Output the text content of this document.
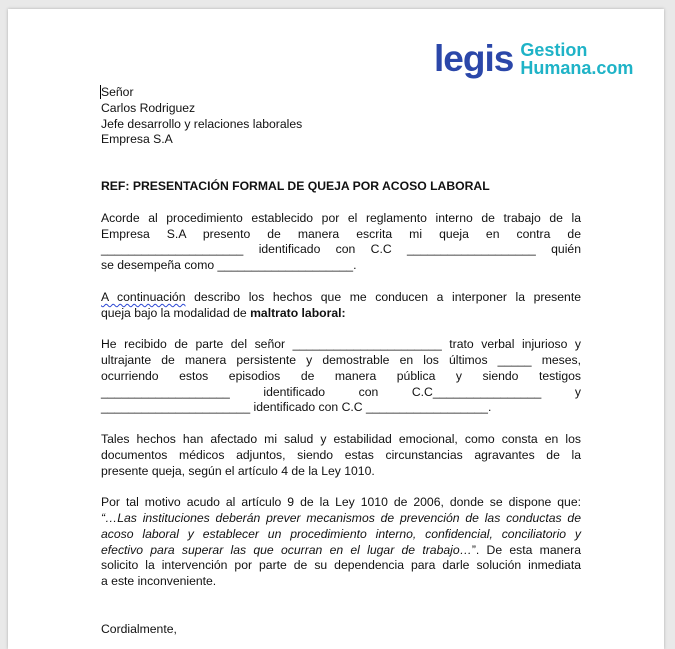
legis Gestion
Humana.com
Señor
Carlos Rodriguez
Jefe desarrollo y relaciones laborales
Empresa S.A
REF: PRESENTACIÓN FORMAL DE QUEJA POR ACOSO LABORAL
Acorde al procedimiento establecido por el reglamento interno de trabajo de la
Empresa S.A presento de manera escrita mi queja en contra de
_____________________ identificado con C.C ___________________ quién
se desempeña como ____________________.
A continuación describo los hechos que me conducen a interponer la presente
queja bajo la modalidad de maltrato laboral:
He recibido de parte del señor ______________________ trato verbal injurioso y
ultrajante de manera persistente y demostrable en los últimos _____ meses,
ocurriendo estos episodios de manera pública y siendo testigos
___________________	identificado	con	C.C________________	y
______________________ identificado con C.C __________________.
Tales hechos han afectado mi salud y estabilidad emocional, como consta en los
documentos médicos adjuntos, siendo estas circunstancias agravantes de la
presente queja, según el artículo 4 de la Ley 1010.
Por tal motivo acudo al artículo 9 de la Ley 1010 de 2006, donde se dispone que:
“…Las instituciones deberán prever mecanismos de prevención de las conductas de
acoso laboral y establecer un procedimiento interno, confidencial, conciliatorio y
efectivo para superar las que ocurran en el lugar de trabajo…”. De esta manera
solicito la intervención por parte de su dependencia para darle solución inmediata
a este inconveniente.
Cordialmente,
